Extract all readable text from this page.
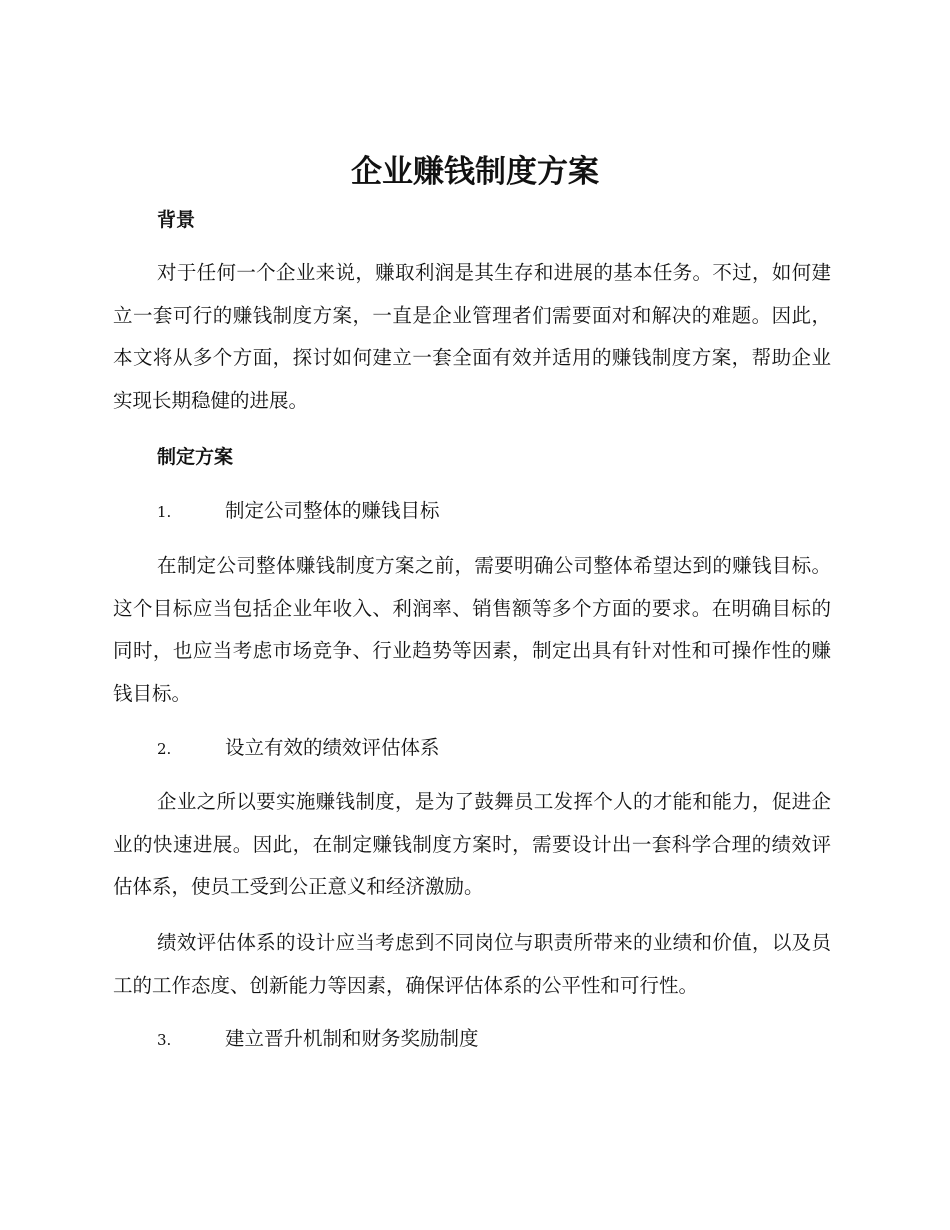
企业赚钱制度方案
背景

对于任何一个企业来说，赚取利润是其生存和进展的基本任务。不过，如何建立一套可行的赚钱制度方案，一直是企业管理者们需要面对和解决的难题。因此，本文将从多个方面，探讨如何建立一套全面有效并适用的赚钱制度方案，帮助企业实现长期稳健的进展。

制定方案
1.	制定公司整体的赚钱目标

在制定公司整体赚钱制度方案之前，需要明确公司整体希望达到的赚钱目标。这个目标应当包括企业年收入、利润率、销售额等多个方面的要求。在明确目标的同时，也应当考虑市场竞争、行业趋势等因素，制定出具有针对性和可操作性的赚钱目标。

2.	设立有效的绩效评估体系

企业之所以要实施赚钱制度，是为了鼓舞员工发挥个人的才能和能力，促进企业的快速进展。因此，在制定赚钱制度方案时，需要设计出一套科学合理的绩效评估体系，使员工受到公正意义和经济激励。

绩效评估体系的设计应当考虑到不同岗位与职责所带来的业绩和价值，以及员工的工作态度、创新能力等因素，确保评估体系的公平性和可行性。

3.	建立晋升机制和财务奖励制度
